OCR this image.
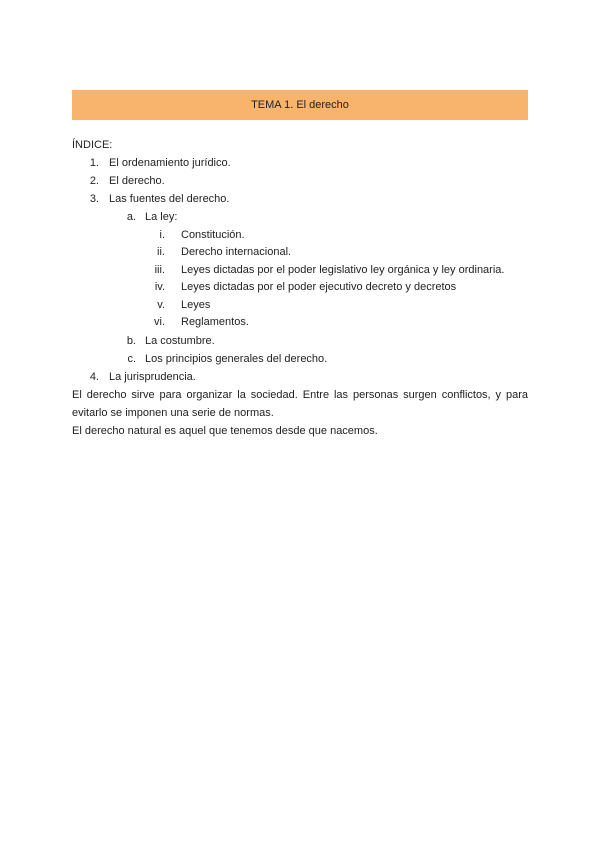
TEMA 1. El derecho
ÍNDICE:
1. El ordenamiento jurídico.
2. El derecho.
3. Las fuentes del derecho.
a. La ley:
i. Constitución.
ii. Derecho internacional.
iii. Leyes dictadas por el poder legislativo ley orgánica y ley ordinaria.
iv. Leyes dictadas por el poder ejecutivo decreto y decretos
v. Leyes
vi. Reglamentos.
b. La costumbre.
c. Los principios generales del derecho.
4. La jurisprudencia.
El derecho sirve para organizar la sociedad. Entre las personas surgen conflictos, y para
evitarlo se imponen una serie de normas.
El derecho natural es aquel que tenemos desde que nacemos.
